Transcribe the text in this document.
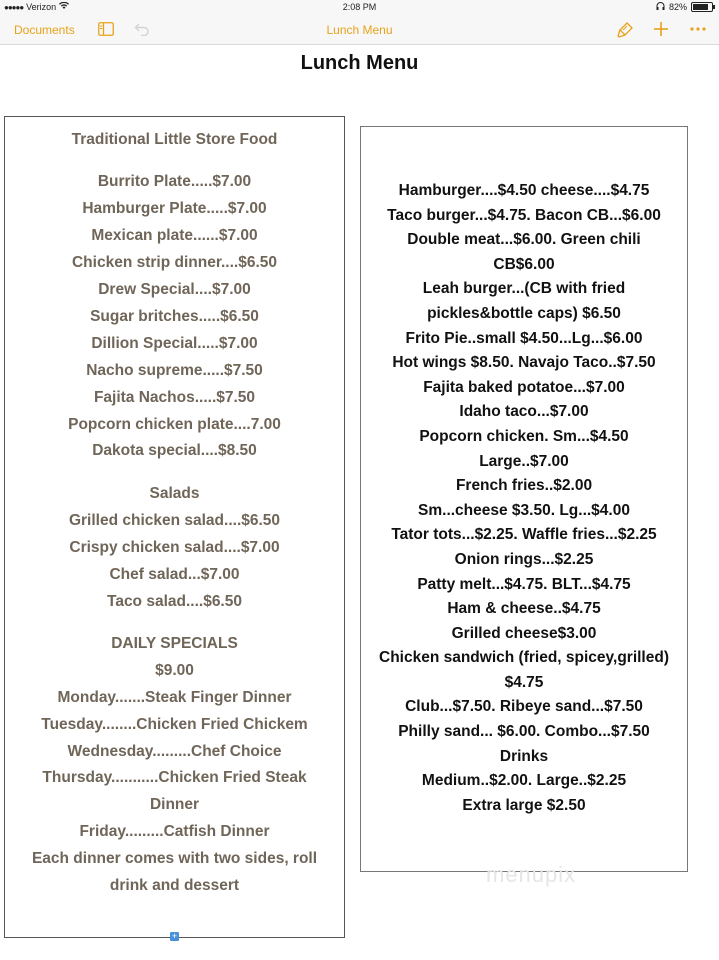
●●●●● Verizon	2:08 PM	82%
Documents	Lunch Menu
Lunch Menu
Traditional Little Store Food
Burrito Plate.....$7.00
Hamburger Plate.....$7.00
Mexican plate......$7.00
Chicken strip dinner....$6.50
Drew Special....$7.00
Sugar britches.....$6.50
Dillion Special.....$7.00
Nacho supreme.....$7.50
Fajita Nachos.....$7.50
Popcorn chicken plate....7.00
Dakota special....$8.50
Salads
Grilled chicken salad....$6.50
Crispy chicken salad....$7.00
Chef salad...$7.00
Taco salad....$6.50
DAILY SPECIALS
$9.00
Monday.......Steak Finger Dinner
Tuesday........Chicken Fried Chickem
Wednesday.........Chef Choice
Thursday...........Chicken Fried Steak
Dinner
Friday.........Catfish Dinner
Each dinner comes with two sides, roll
drink and dessert
Hamburger....$4.50 cheese....$4.75
Taco burger...$4.75. Bacon CB...$6.00
Double meat...$6.00. Green chili
CB$6.00
Leah burger...(CB with fried
pickles&bottle caps) $6.50
Frito Pie..small $4.50...Lg...$6.00
Hot wings $8.50. Navajo Taco..$7.50
Fajita baked potatoe...$7.00
Idaho taco...$7.00
Popcorn chicken. Sm...$4.50
Large..$7.00
French fries..$2.00
Sm...cheese $3.50. Lg...$4.00
Tator tots...$2.25. Waffle fries...$2.25
Onion rings...$2.25
Patty melt...$4.75. BLT...$4.75
Ham & cheese..$4.75
Grilled cheese$3.00
Chicken sandwich (fried, spicey,grilled)
$4.75
Club...$7.50. Ribeye sand...$7.50
Philly sand... $6.00. Combo...$7.50
Drinks
Medium..$2.00. Large..$2.25
Extra large $2.50
menupix
+
